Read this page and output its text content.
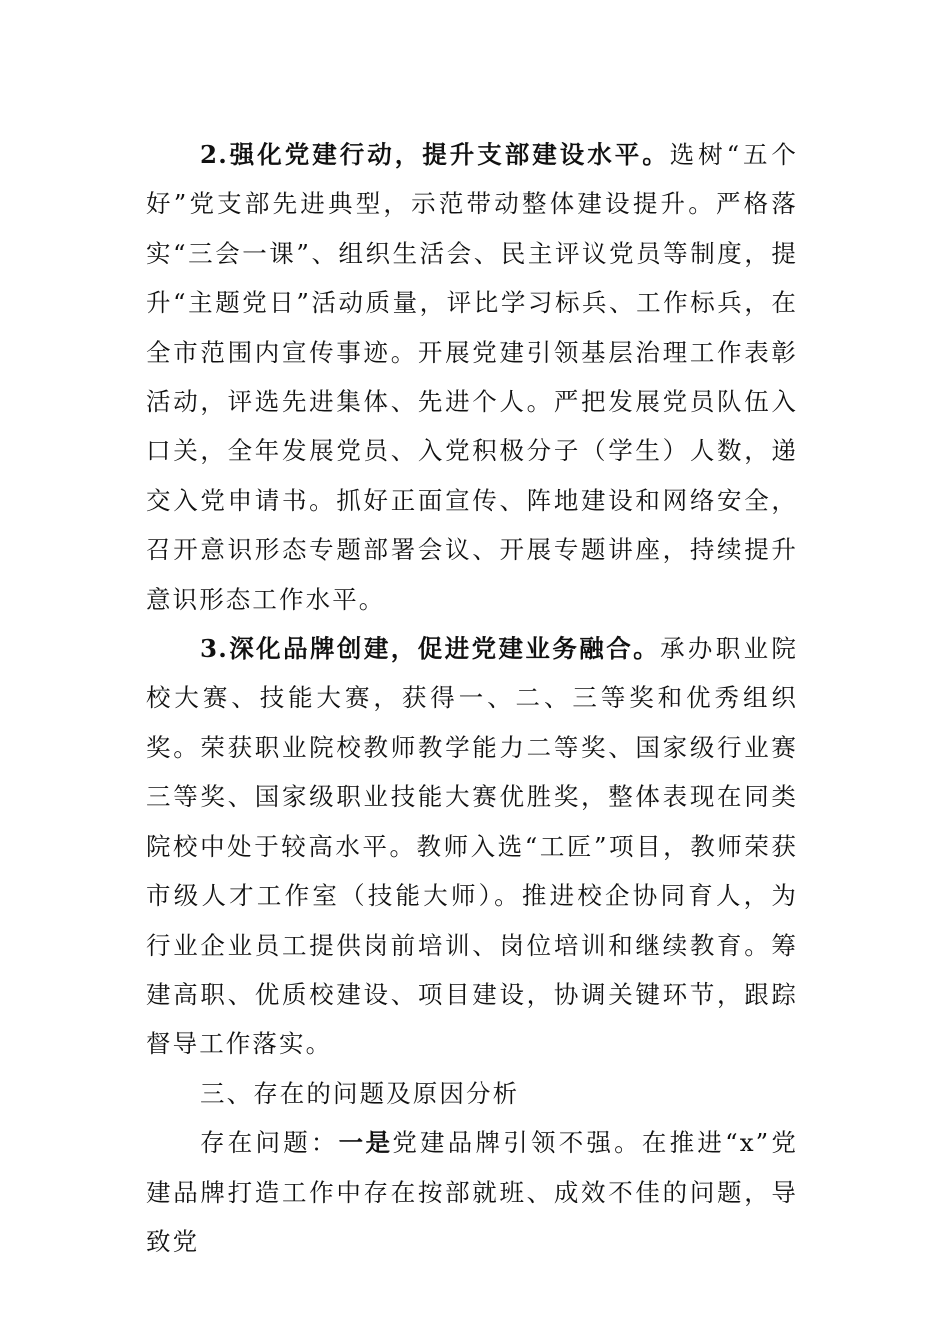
2.强化党建行动，提升支部建设水平。选树“五个好”党支部先进典型，示范带动整体建设提升。严格落实“三会一课”、组织生活会、民主评议党员等制度，提升“主题党日”活动质量，评比学习标兵、工作标兵，在全市范围内宣传事迹。开展党建引领基层治理工作表彰活动，评选先进集体、先进个人。严把发展党员队伍入口关，全年发展党员、入党积极分子（学生）人数，递交入党申请书。抓好正面宣传、阵地建设和网络安全，召开意识形态专题部署会议、开展专题讲座，持续提升意识形态工作水平。

3.深化品牌创建，促进党建业务融合。承办职业院校大赛、技能大赛，获得一、二、三等奖和优秀组织奖。荣获职业院校教师教学能力二等奖、国家级行业赛三等奖、国家级职业技能大赛优胜奖，整体表现在同类院校中处于较高水平。教师入选“工匠”项目，教师荣获市级人才工作室（技能大师）。推进校企协同育人，为行业企业员工提供岗前培训、岗位培训和继续教育。筹建高职、优质校建设、项目建设，协调关键环节，跟踪督导工作落实。

三、存在的问题及原因分析

存在问题：一是党建品牌引领不强。在推进“x”党建品牌打造工作中存在按部就班、成效不佳的问题，导致党
